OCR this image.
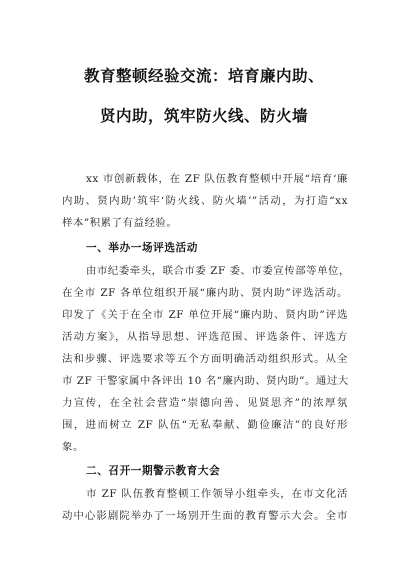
教育整顿经验交流：培育廉内助、
贤内助，筑牢防火线、防火墙
xx 市创新载体，在 ZF 队伍教育整顿中开展“培育‘廉
内助、贤内助’筑牢‘防火线、防火墙’”活动，为打造“xx
样本”积累了有益经验。
一、举办一场评选活动
由市纪委牵头，联合市委 ZF 委、市委宣传部等单位，
在全市 ZF 各单位组织开展“廉内助、贤内助”评选活动。
印发了《关于在全市 ZF 单位开展“廉内助、贤内助”评选
活动方案》，从指导思想、评选范围、评选条件、评选方
法和步骤、评选要求等五个方面明确活动组织形式。从全
市 ZF 干警家属中各评出 10 名“廉内助、贤内助”。通过大
力宣传，在全社会营造“崇德向善、见贤思齐”的浓厚氛
围，进而树立 ZF 队伍“无私奉献、勤俭廉洁”的良好形
象。
二、召开一期警示教育大会
市 ZF 队伍教育整顿工作领导小组牵头，在市文化活
动中心影剧院举办了一场别开生面的教育警示大会。全市
